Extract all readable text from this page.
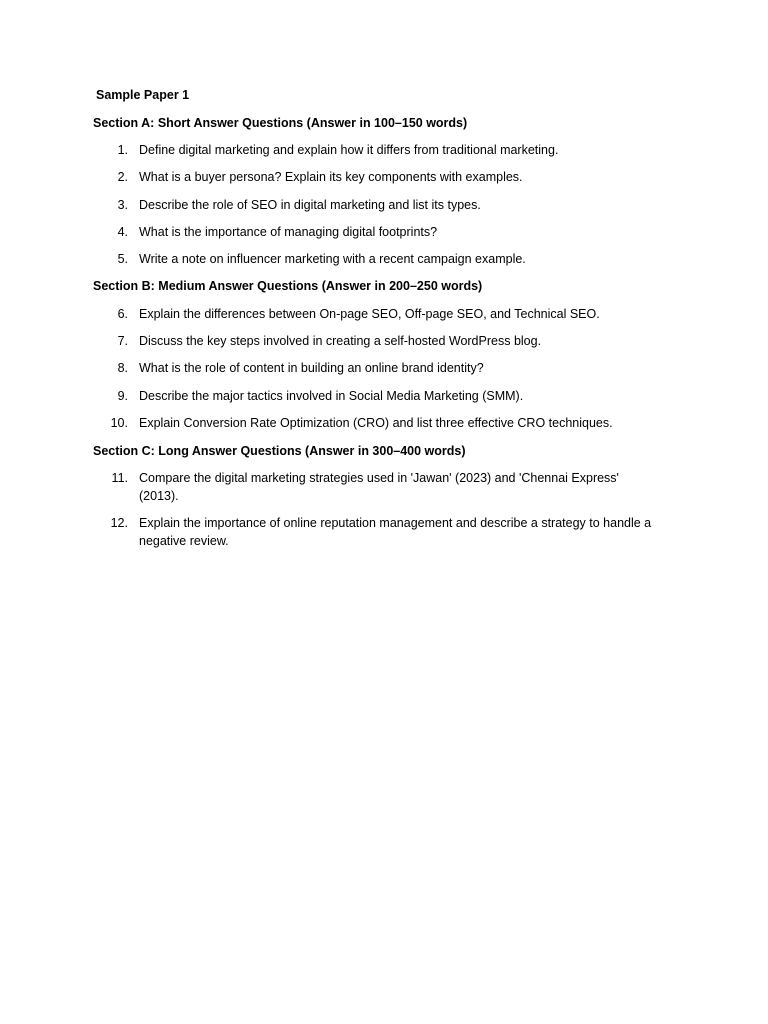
Sample Paper 1
Section A: Short Answer Questions (Answer in 100–150 words)
1. Define digital marketing and explain how it differs from traditional marketing.
2. What is a buyer persona? Explain its key components with examples.
3. Describe the role of SEO in digital marketing and list its types.
4. What is the importance of managing digital footprints?
5. Write a note on influencer marketing with a recent campaign example.
Section B: Medium Answer Questions (Answer in 200–250 words)
6. Explain the differences between On-page SEO, Off-page SEO, and Technical SEO.
7. Discuss the key steps involved in creating a self-hosted WordPress blog.
8. What is the role of content in building an online brand identity?
9. Describe the major tactics involved in Social Media Marketing (SMM).
10. Explain Conversion Rate Optimization (CRO) and list three effective CRO techniques.
Section C: Long Answer Questions (Answer in 300–400 words)
11. Compare the digital marketing strategies used in 'Jawan' (2023) and 'Chennai Express' (2013).
12. Explain the importance of online reputation management and describe a strategy to handle a negative review.
